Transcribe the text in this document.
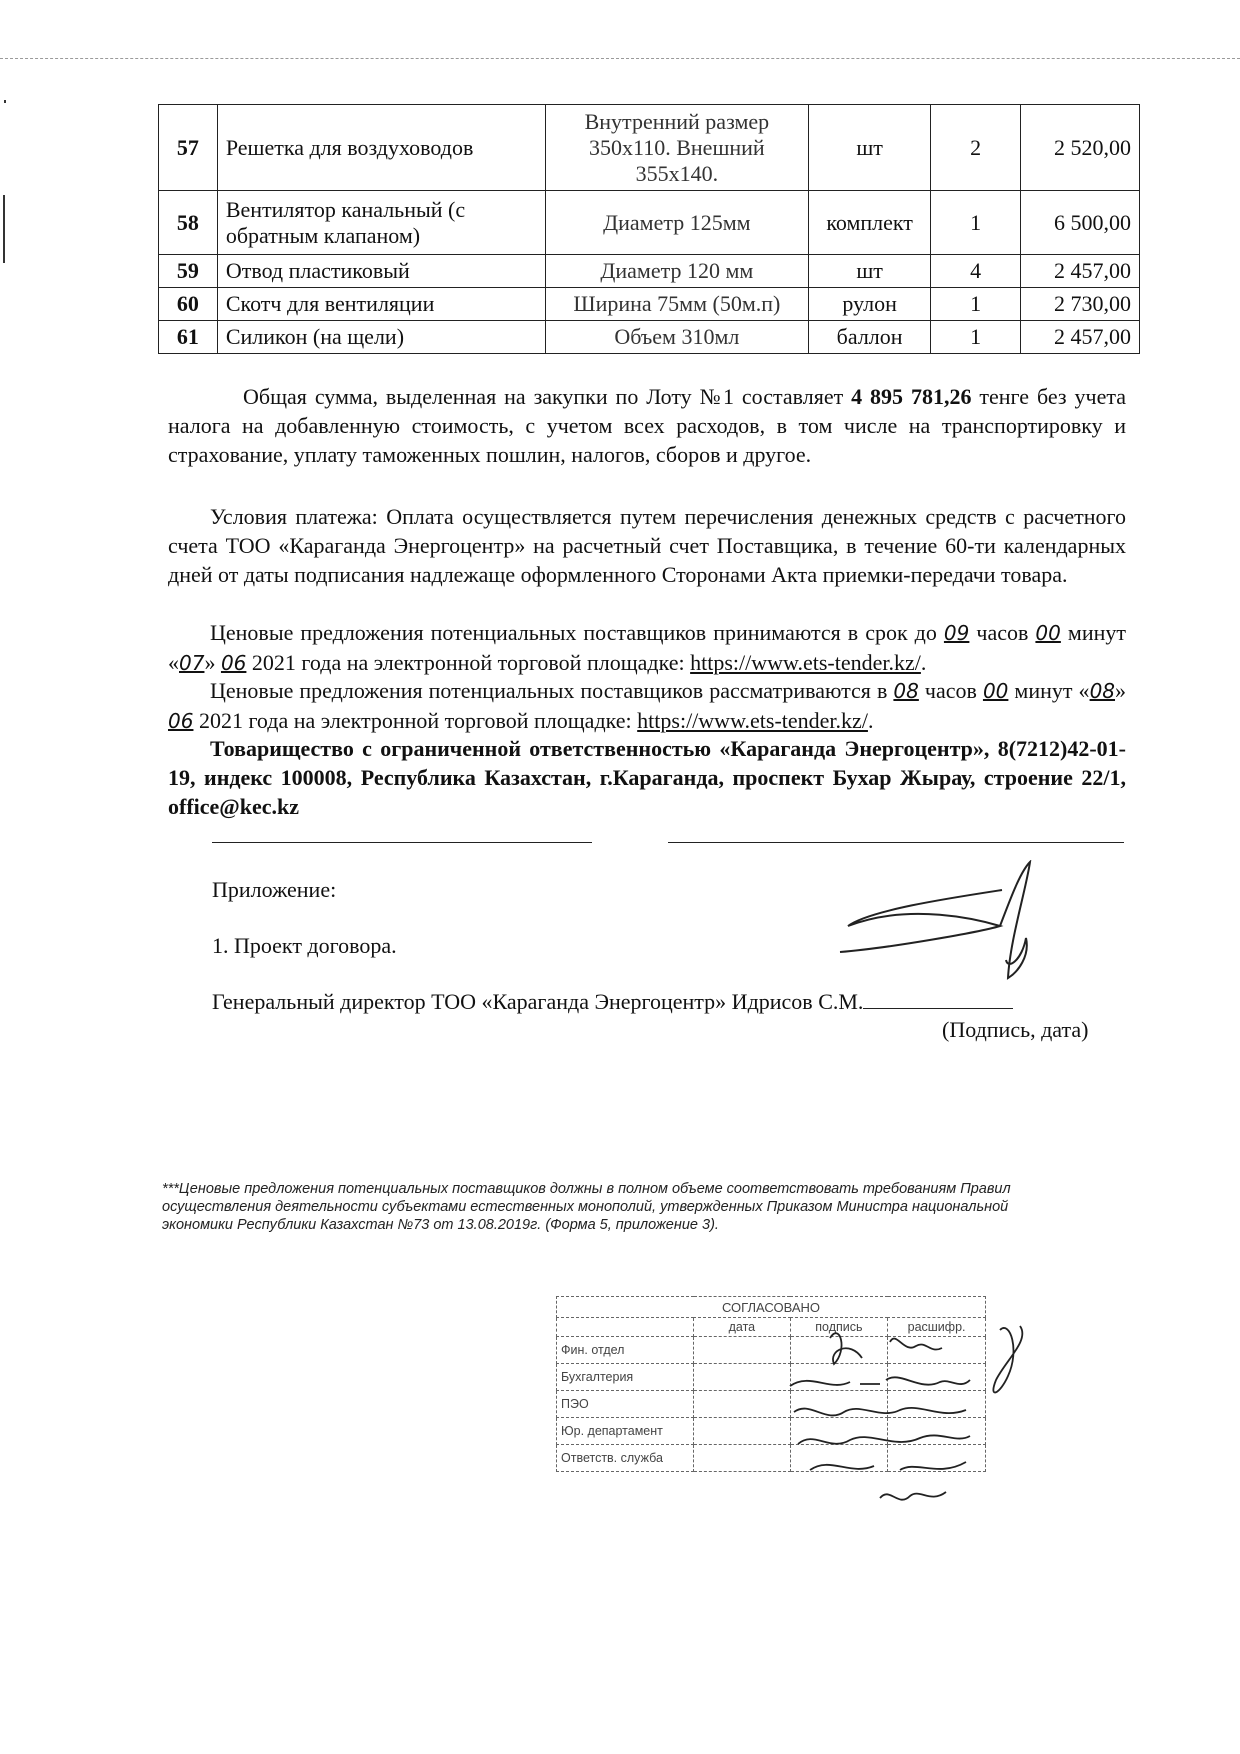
57	Решетка для воздуховодов	Внутренний размер 350х110. Внешний 355х140.	шт	2	2 520,00
58	Вентилятор канальный (с обратным клапаном)	Диаметр 125мм	комплект	1	6 500,00
59	Отвод пластиковый	Диаметр 120 мм	шт	4	2 457,00
60	Скотч для вентиляции	Ширина 75мм (50м.п)	рулон	1	2 730,00
61	Силикон (на щели)	Объем 310мл	баллон	1	2 457,00

Общая сумма, выделенная на закупки по Лоту №1 составляет 4 895 781,26 тенге без учета налога на добавленную стоимость, с учетом всех расходов, в том числе на транспортировку и страхование, уплату таможенных пошлин, налогов, сборов и другое.

Условия платежа: Оплата осуществляется путем перечисления денежных средств с расчетного счета ТОО «Караганда Энергоцентр» на расчетный счет Поставщика, в течение 60-ти календарных дней от даты подписания надлежаще оформленного Сторонами Акта приемки-передачи товара.

Ценовые предложения потенциальных поставщиков принимаются в срок до 09 часов 00 минут «07» 06 2021 года на электронной торговой площадке: https://www.ets-tender.kz/.

Ценовые предложения потенциальных поставщиков рассматриваются в 08 часов 00 минут «08» 06 2021 года на электронной торговой площадке: https://www.ets-tender.kz/.

Товарищество с ограниченной ответственностью «Караганда Энергоцентр», 8(7212)42-01-19, индекс 100008, Республика Казахстан, г.Караганда, проспект Бухар Жырау, строение 22/1, office@kec.kz

Приложение:
1. Проект договора.
Генеральный директор ТОО «Караганда Энергоцентр» Идрисов С.М.
(Подпись, дата)

***Ценовые предложения потенциальных поставщиков должны в полном объеме соответствовать требованиям Правил осуществления деятельности субъектами естественных монополий, утвержденных Приказом Министра национальной экономики Республики Казахстан №73 от 13.08.2019г. (Форма 5, приложение 3).

СОГЛАСОВАНО			
	дата	подпись	расшифр.
Фин. отдел			
Бухгалтерия			
ПЭО			
Юр. департамент			
Ответств. служба			
